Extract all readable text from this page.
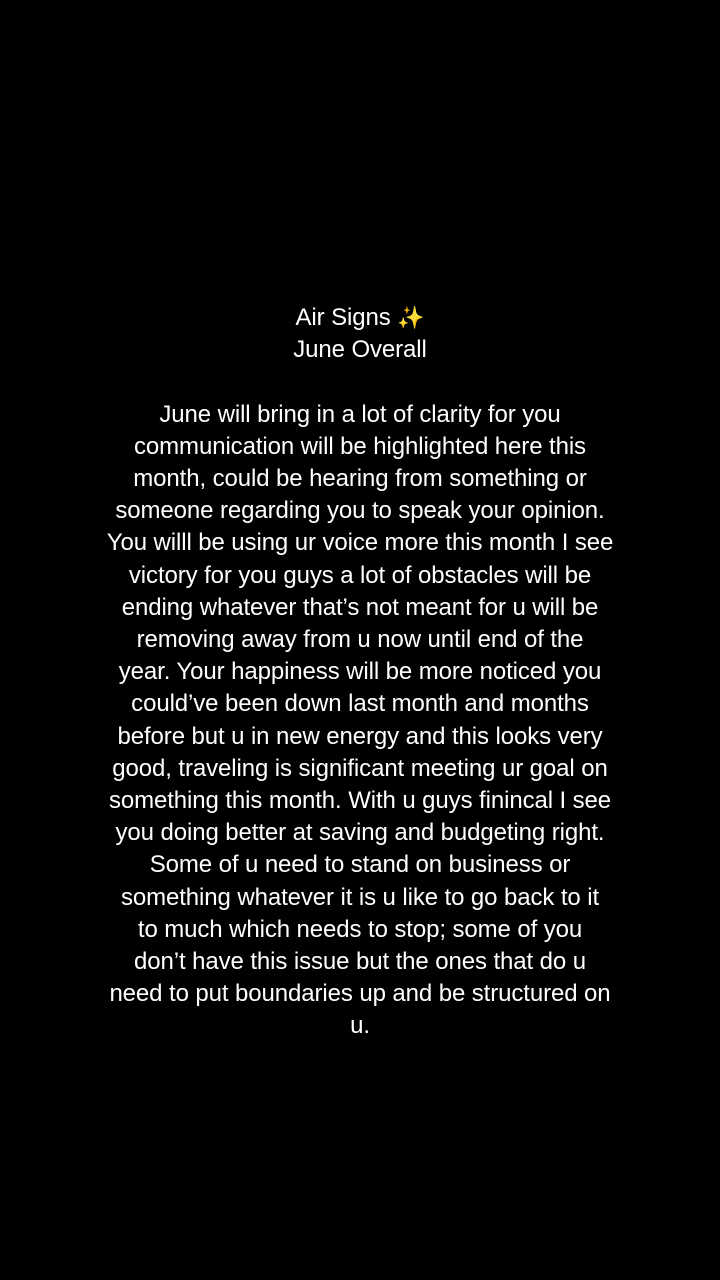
Air Signs ✨
June Overall
June will bring in a lot of clarity for you
communication will be highlighted here this
month, could be hearing from something or
someone regarding you to speak your opinion.
You willl be using ur voice more this month I see
victory for you guys a lot of obstacles will be
ending whatever that’s not meant for u will be
removing away from u now until end of the
year. Your happiness will be more noticed you
could’ve been down last month and months
before but u in new energy and this looks very
good, traveling is significant meeting ur goal on
something this month. With u guys finincal I see
you doing better at saving and budgeting right.
Some of u need to stand on business or
something whatever it is u like to go back to it
to much which needs to stop; some of you
don’t have this issue but the ones that do u
need to put boundaries up and be structured on
u.
